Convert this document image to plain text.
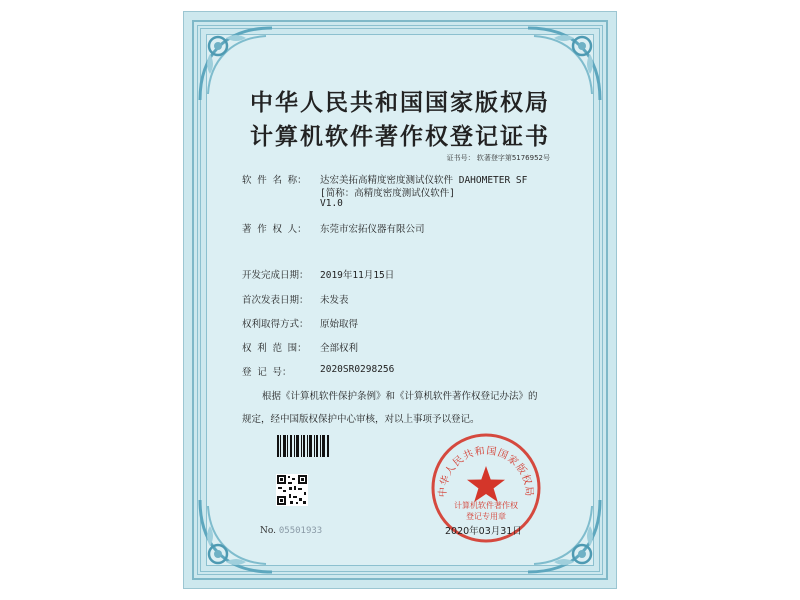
中华人民共和国国家版权局
计算机软件著作权登记证书
证书号： 软著登字第5176952号
软 件 名 称： 达宏美拓高精度密度测试仪软件 DAHOMETER SF
[简称：高精度密度测试仪软件]
V1.0
著 作 权 人： 东莞市宏拓仪器有限公司
开发完成日期： 2019年11月15日
首次发表日期： 未发表
权利取得方式： 原始取得
权 利 范 围： 全部权利
登 记 号：	2020SR0298256
根据《计算机软件保护条例》和《计算机软件著作权登记办法》的
规定，经中国版权保护中心审核，对以上事项予以登记。
No. 05501933
中华人民共和国国家版权局
计算机软件著作权
登记专用章
2020年03月31日
